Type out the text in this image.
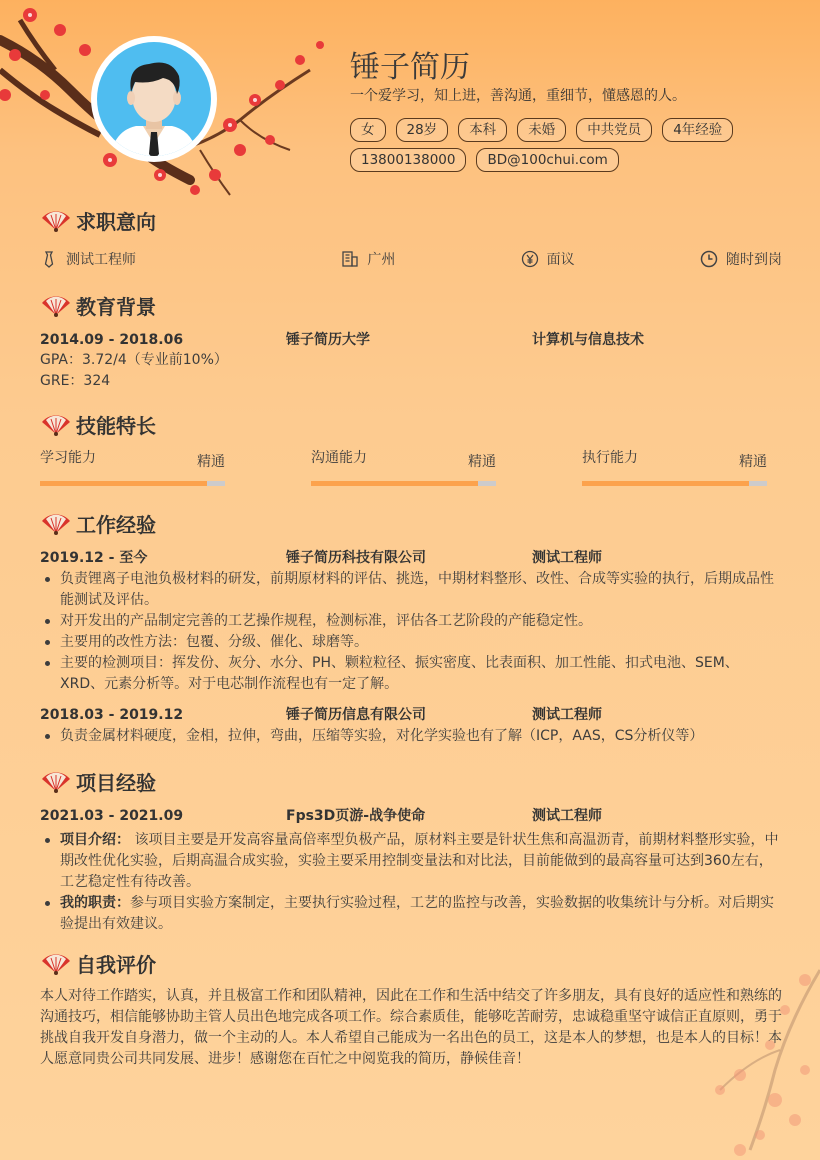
锤子简历
一个爱学习，知上进，善沟通，重细节，懂感恩的人。
女	28岁	本科	未婚	中共党员	4年经验
13800138000	BD@100chui.com
求职意向
测试工程师	广州	面议	随时到岗
教育背景
2014.09 - 2018.06	锤子简历大学	计算机与信息技术
GPA：3.72/4（专业前10%）
GRE：324
技能特长
学习能力	精通	沟通能力	精通	执行能力	精通
工作经验
2019.12 - 至今	锤子简历科技有限公司	测试工程师
负责锂离子电池负极材料的研发，前期原材料的评估、挑选，中期材料整形、改性、合成等实验的执行，后期成品性能测试及评估。
对开发出的产品制定完善的工艺操作规程，检测标准，评估各工艺阶段的产能稳定性。
主要用的改性方法：包覆、分级、催化、球磨等。
主要的检测项目：挥发份、灰分、水分、PH、颗粒粒径、振实密度、比表面积、加工性能、扣式电池、SEM、XRD、元素分析等。对于电芯制作流程也有一定了解。
2018.03 - 2019.12	锤子简历信息有限公司	测试工程师
负责金属材料硬度，金相，拉伸，弯曲，压缩等实验，对化学实验也有了解（ICP，AAS，CS分析仪等）
项目经验
2021.03 - 2021.09	Fps3D页游-战争使命	测试工程师
项目介绍： 该项目主要是开发高容量高倍率型负极产品，原材料主要是针状生焦和高温沥青，前期材料整形实验，中期改性优化实验，后期高温合成实验，实验主要采用控制变量法和对比法，目前能做到的最高容量可达到360左右，工艺稳定性有待改善。
我的职责：参与项目实验方案制定，主要执行实验过程，工艺的监控与改善，实验数据的收集统计与分析。对后期实验提出有效建议。
自我评价
本人对待工作踏实，认真，并且极富工作和团队精神，因此在工作和生活中结交了许多朋友，具有良好的适应性和熟练的沟通技巧，相信能够协助主管人员出色地完成各项工作。综合素质佳，能够吃苦耐劳，忠诚稳重坚守诚信正直原则，勇于挑战自我开发自身潜力，做一个主动的人。本人希望自己能成为一名出色的员工，这是本人的梦想，也是本人的目标！本人愿意同贵公司共同发展、进步！感谢您在百忙之中阅览我的简历，静候佳音！
